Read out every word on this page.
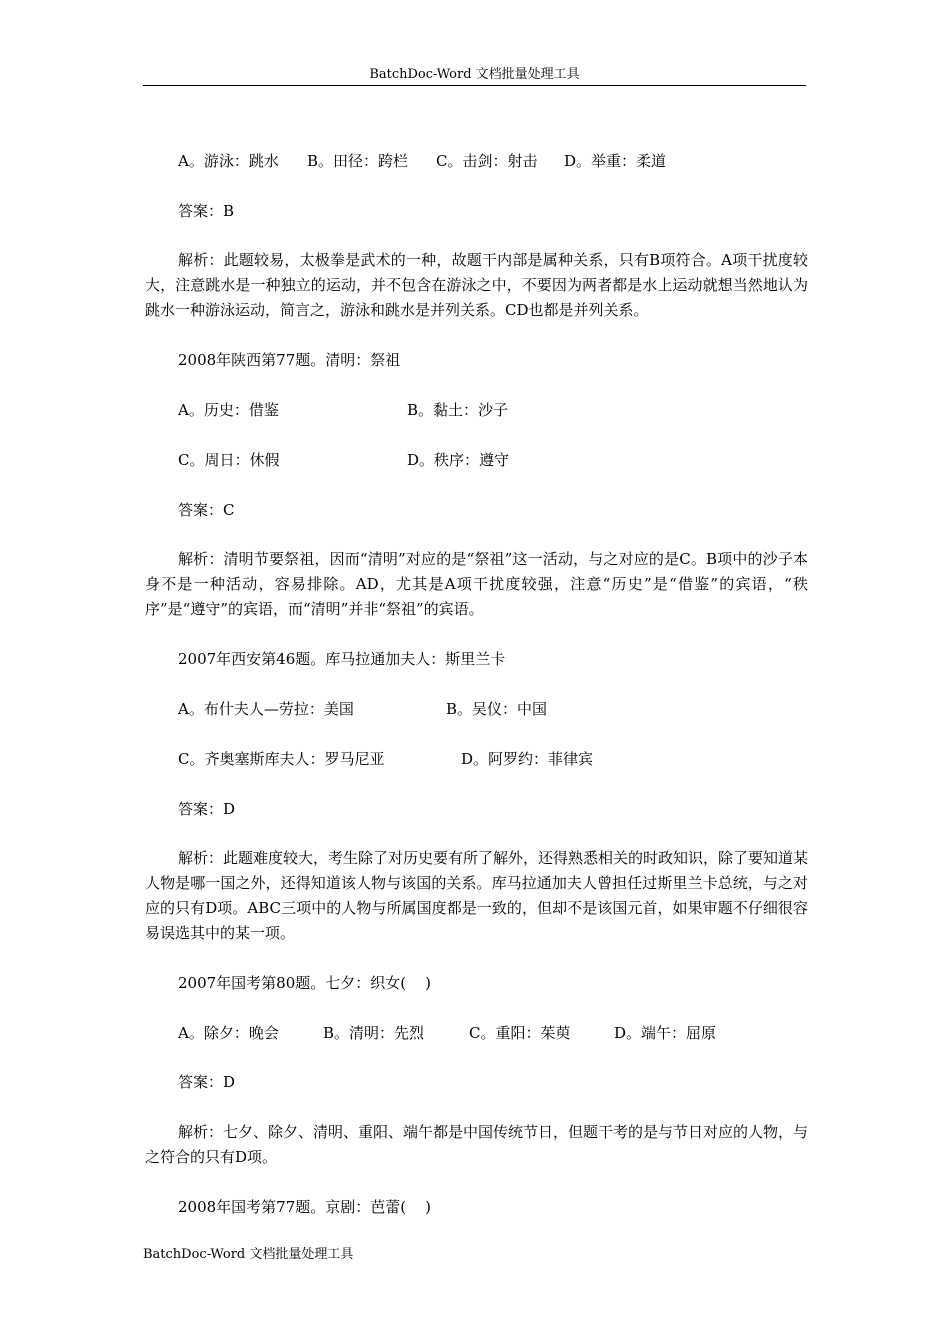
BatchDoc-Word 文档批量处理工具
A。游泳：跳水 B。田径：跨栏 C。击剑：射击 D。举重：柔道
答案：B
解析：此题较易，太极拳是武术的一种，故题干内部是属种关系，只有B项符合。A项干扰度较大，注意跳水是一种独立的运动，并不包含在游泳之中，不要因为两者都是水上运动就想当然地认为跳水一种游泳运动，简言之，游泳和跳水是并列关系。CD也都是并列关系。
2008年陕西第77题。清明：祭祖
A。历史：借鉴	B。黏土：沙子
C。周日：休假	D。秩序：遵守
答案：C
解析：清明节要祭祖，因而“清明”对应的是“祭祖”这一活动，与之对应的是C。B项中的沙子本身不是一种活动，容易排除。AD，尤其是A项干扰度较强，注意“历史”是“借鉴”的宾语，“秩序”是“遵守”的宾语，而“清明”并非“祭祖”的宾语。
2007年西安第46题。库马拉通加夫人：斯里兰卡
A。布什夫人—劳拉：美国	B。吴仪：中国
C。齐奥塞斯库夫人：罗马尼亚	D。阿罗约：菲律宾
答案：D
解析：此题难度较大，考生除了对历史要有所了解外，还得熟悉相关的时政知识，除了要知道某人物是哪一国之外，还得知道该人物与该国的关系。库马拉通加夫人曾担任过斯里兰卡总统，与之对应的只有D项。ABC三项中的人物与所属国度都是一致的，但却不是该国元首，如果审题不仔细很容易误选其中的某一项。
2007年国考第80题。七夕：织女(    )
A。除夕：晚会	B。清明：先烈	C。重阳：茱萸	D。端午：屈原
答案：D
解析：七夕、除夕、清明、重阳、端午都是中国传统节日，但题干考的是与节日对应的人物，与之符合的只有D项。
2008年国考第77题。京剧：芭蕾(    )
BatchDoc-Word 文档批量处理工具
